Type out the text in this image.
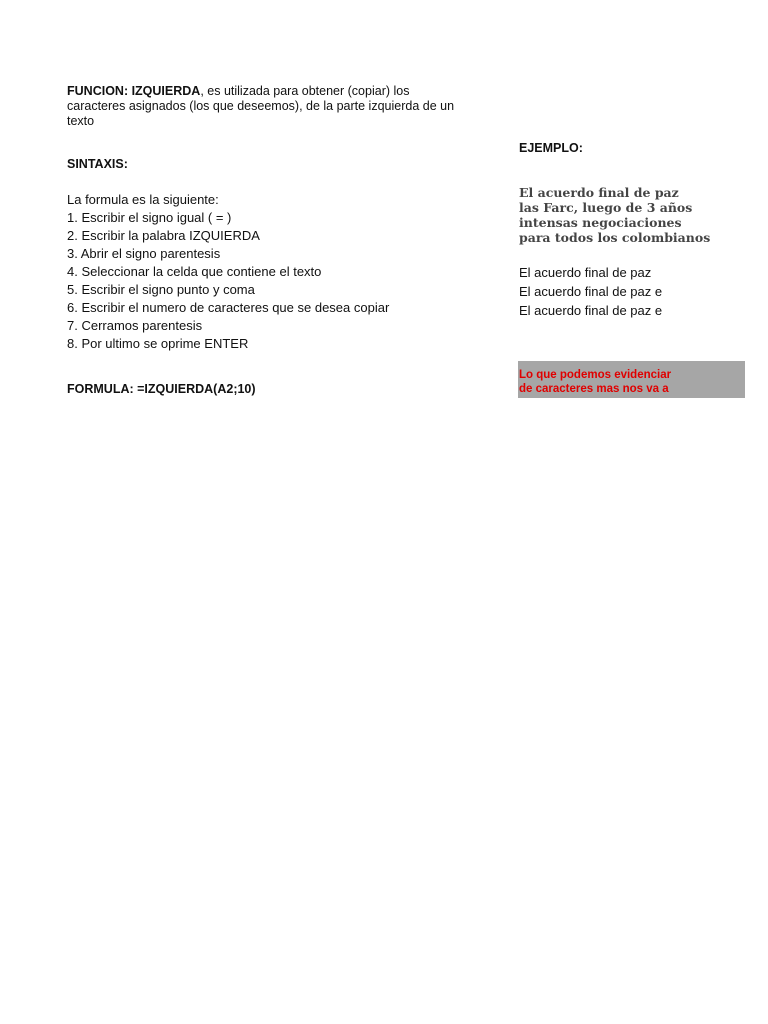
FUNCION: IZQUIERDA, es utilizada para obtener (copiar) los caracteres asignados (los que deseemos), de la parte izquierda de un texto
SINTAXIS:
La formula es la siguiente:
1. Escribir el signo igual ( = )
2. Escribir la palabra IZQUIERDA
3. Abrir el signo parentesis
4. Seleccionar la celda que contiene el texto
5. Escribir el signo punto y coma
6. Escribir el numero de caracteres que se desea copiar
7. Cerramos parentesis
8. Por ultimo se oprime ENTER
FORMULA: =IZQUIERDA(A2;10)
EJEMPLO:
El acuerdo final de paz
las Farc, luego de 3 años
intensas negociaciones
para todos los colombianos
El acuerdo final de paz
El acuerdo final de paz e
El acuerdo final de paz e
Lo que podemos evidenciar
de caracteres mas nos va a
